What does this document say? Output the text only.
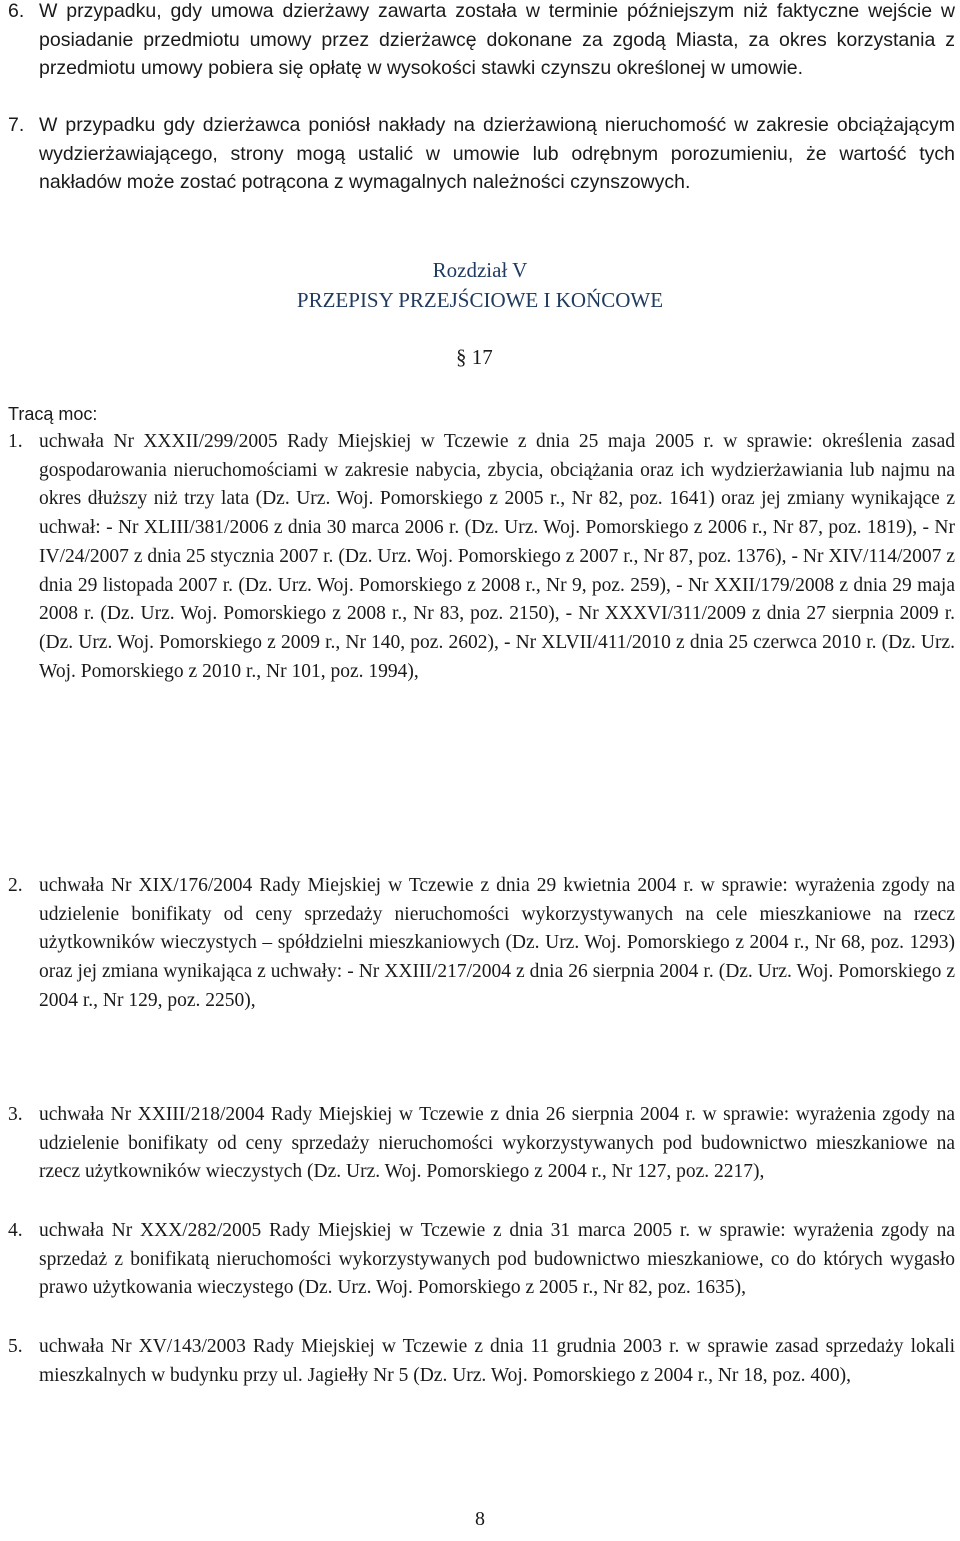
6. W przypadku, gdy umowa dzierżawy zawarta została w terminie późniejszym niż faktyczne wejście w posiadanie przedmiotu umowy przez dzierżawcę dokonane za zgodą Miasta, za okres korzystania z przedmiotu umowy pobiera się opłatę w wysokości stawki czynszu określonej w umowie.
7. W przypadku gdy dzierżawca poniósł nakłady na dzierżawioną nieruchomość w zakresie obciążającym wydzierżawiającego, strony mogą ustalić w umowie lub odrębnym porozumieniu, że wartość tych nakładów może zostać potrącona z wymagalnych należności czynszowych.
Rozdział V
PRZEPISY PRZEJŚCIOWE I KOŃCOWE
§ 17
Tracą moc:
1. uchwała Nr XXXII/299/2005 Rady Miejskiej w Tczewie z dnia 25 maja 2005 r. w sprawie: określenia zasad gospodarowania nieruchomościami w zakresie nabycia, zbycia, obciążania oraz ich wydzierżawiania lub najmu na okres dłuższy niż trzy lata (Dz. Urz. Woj. Pomorskiego z 2005 r., Nr 82, poz. 1641) oraz jej zmiany wynikające z uchwał: - Nr XLIII/381/2006 z dnia 30 marca 2006 r. (Dz. Urz. Woj. Pomorskiego z 2006 r., Nr 87, poz. 1819), - Nr IV/24/2007 z dnia 25 stycznia 2007 r. (Dz. Urz. Woj. Pomorskiego z 2007 r., Nr 87, poz. 1376), - Nr XIV/114/2007 z dnia 29 listopada 2007 r. (Dz. Urz. Woj. Pomorskiego z 2008 r., Nr 9, poz. 259), - Nr XXII/179/2008 z dnia 29 maja 2008 r. (Dz. Urz. Woj. Pomorskiego z 2008 r., Nr 83, poz. 2150), - Nr XXXVI/311/2009 z dnia 27 sierpnia 2009 r. (Dz. Urz. Woj. Pomorskiego z 2009 r., Nr 140, poz. 2602), - Nr XLVII/411/2010 z dnia 25 czerwca 2010 r. (Dz. Urz. Woj. Pomorskiego z 2010 r., Nr 101, poz. 1994),
2. uchwała Nr XIX/176/2004 Rady Miejskiej w Tczewie z dnia 29 kwietnia 2004 r. w sprawie: wyrażenia zgody na udzielenie bonifikaty od ceny sprzedaży nieruchomości wykorzystywanych na cele mieszkaniowe na rzecz użytkowników wieczystych – spółdzielni mieszkaniowych (Dz. Urz. Woj. Pomorskiego z 2004 r., Nr 68, poz. 1293) oraz jej zmiana wynikająca z uchwały: - Nr XXIII/217/2004 z dnia 26 sierpnia 2004 r. (Dz. Urz. Woj. Pomorskiego z 2004 r., Nr 129, poz. 2250),
3. uchwała Nr XXIII/218/2004 Rady Miejskiej w Tczewie z dnia 26 sierpnia 2004 r. w sprawie: wyrażenia zgody na udzielenie bonifikaty od ceny sprzedaży nieruchomości wykorzystywanych pod budownictwo mieszkaniowe na rzecz użytkowników wieczystych (Dz. Urz. Woj. Pomorskiego z 2004 r., Nr 127, poz. 2217),
4. uchwała Nr XXX/282/2005 Rady Miejskiej w Tczewie z dnia 31 marca 2005 r. w sprawie: wyrażenia zgody na sprzedaż z bonifikatą nieruchomości wykorzystywanych pod budownictwo mieszkaniowe, co do których wygasło prawo użytkowania wieczystego (Dz. Urz. Woj. Pomorskiego z 2005 r., Nr 82, poz. 1635),
5. uchwała Nr XV/143/2003 Rady Miejskiej w Tczewie z dnia 11 grudnia 2003 r. w sprawie zasad sprzedaży lokali mieszkalnych w budynku przy ul. Jagiełły Nr 5 (Dz. Urz. Woj. Pomorskiego z 2004 r., Nr 18, poz. 400),
8
